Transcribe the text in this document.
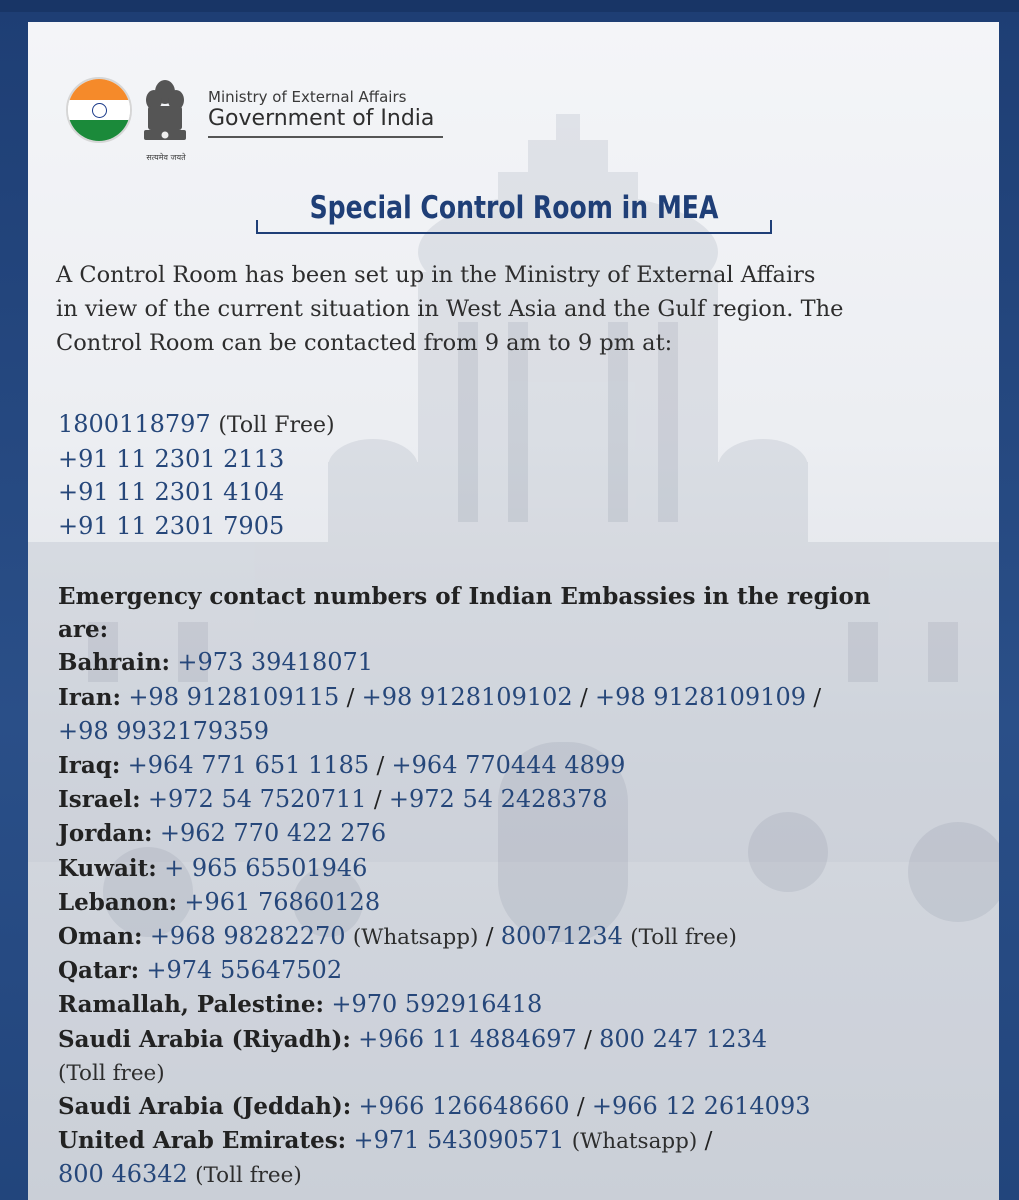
सत्यमेव जयते
Ministry of External Affairs
Government of India
Special Control Room in MEA
A Control Room has been set up in the Ministry of External Affairs
in view of the current situation in West Asia and the Gulf region. The
Control Room can be contacted from 9 am to 9 pm at:
1800118797 (Toll Free)
+91 11 2301 2113
+91 11 2301 4104
+91 11 2301 7905
Emergency contact numbers of Indian Embassies in the region
are:
Bahrain: +973 39418071
Iran: +98 9128109115 / +98 9128109102 / +98 9128109109 /
+98 9932179359
Iraq: +964 771 651 1185 / +964 770444 4899
Israel: +972 54 7520711 / +972 54 2428378
Jordan: +962 770 422 276
Kuwait: + 965 65501946
Lebanon: +961 76860128
Oman: +968 98282270 (Whatsapp) / 80071234 (Toll free)
Qatar: +974 55647502
Ramallah, Palestine: +970 592916418
Saudi Arabia (Riyadh): +966 11 4884697 / 800 247 1234
(Toll free)
Saudi Arabia (Jeddah): +966 126648660 / +966 12 2614093
United Arab Emirates: +971 543090571 (Whatsapp) /
800 46342 (Toll free)
